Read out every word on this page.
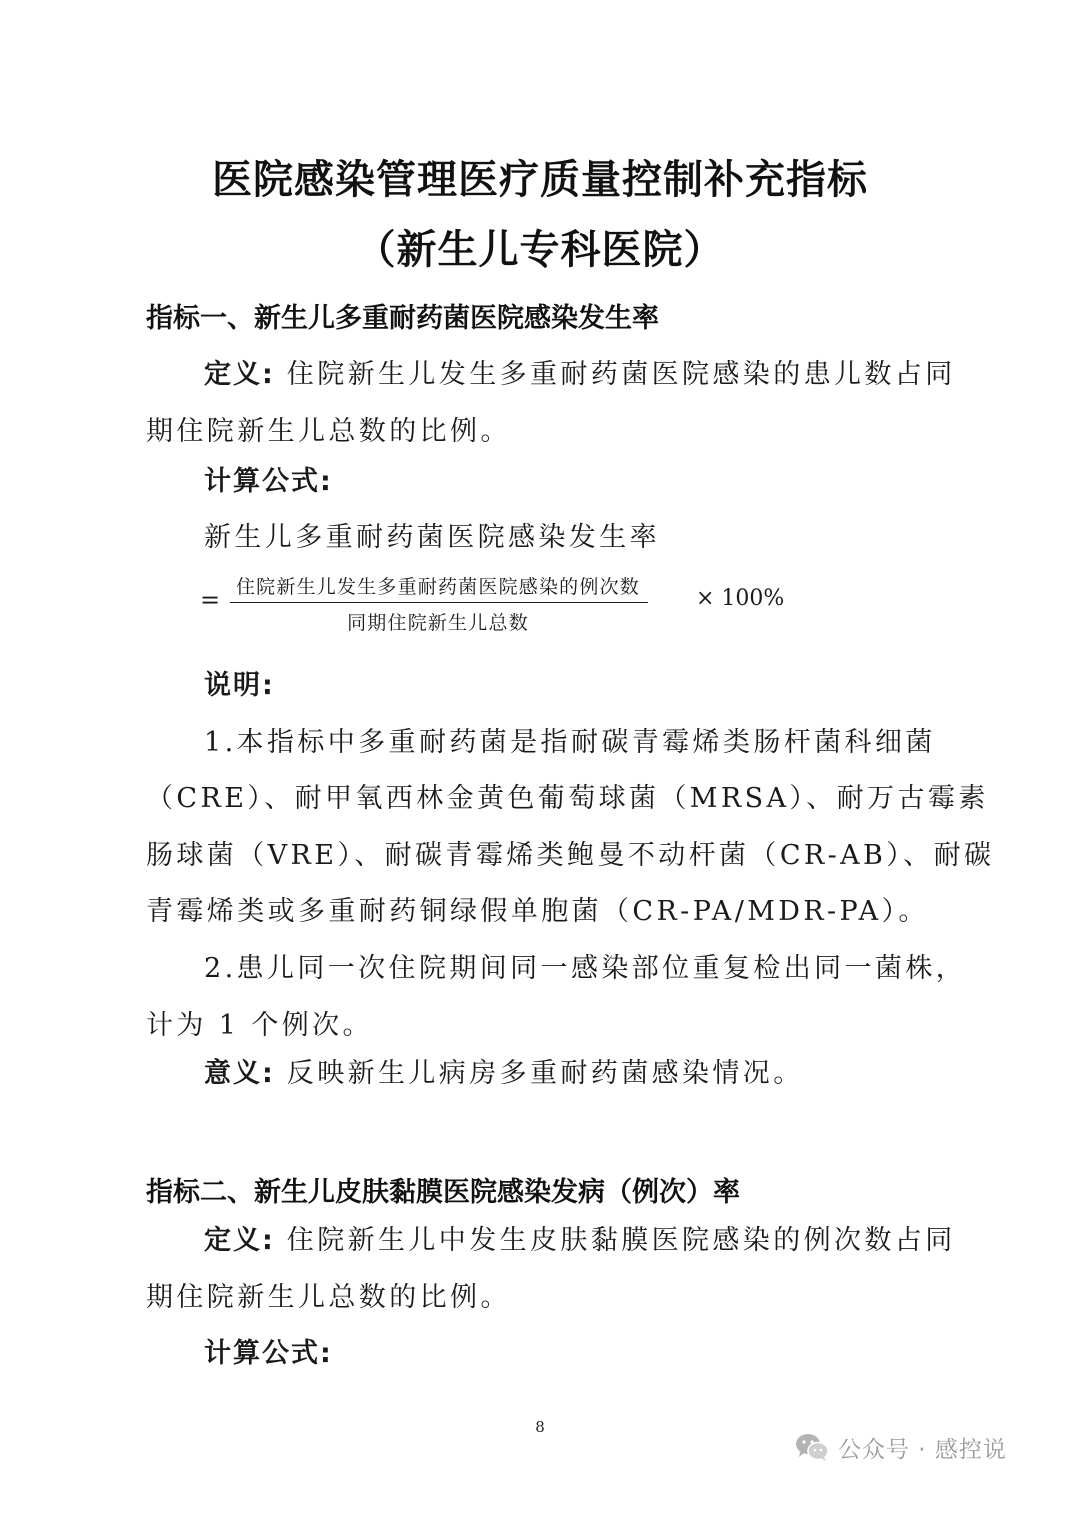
医院感染管理医疗质量控制补充指标
（新生儿专科医院）
指标一、新生儿多重耐药菌医院感染发生率
定义: 住院新生儿发生多重耐药菌医院感染的患儿数占同
期住院新生儿总数的比例。
计算公式:
新生儿多重耐药菌医院感染发生率
= 住院新生儿发生多重耐药菌医院感染的例次数
同期住院新生儿总数
× 100%
说明:
1.本指标中多重耐药菌是指耐碳青霉烯类肠杆菌科细菌
（CRE）、耐甲氧西林金黄色葡萄球菌（MRSA）、耐万古霉素
肠球菌（VRE）、耐碳青霉烯类鲍曼不动杆菌（CR-AB）、耐碳
青霉烯类或多重耐药铜绿假单胞菌（CR-PA/MDR-PA）。
2.患儿同一次住院期间同一感染部位重复检出同一菌株，
计为 1 个例次。
意义: 反映新生儿病房多重耐药菌感染情况。
指标二、新生儿皮肤黏膜医院感染发病（例次）率
定义: 住院新生儿中发生皮肤黏膜医院感染的例次数占同
期住院新生儿总数的比例。
计算公式:
8
公众号 · 感控说
